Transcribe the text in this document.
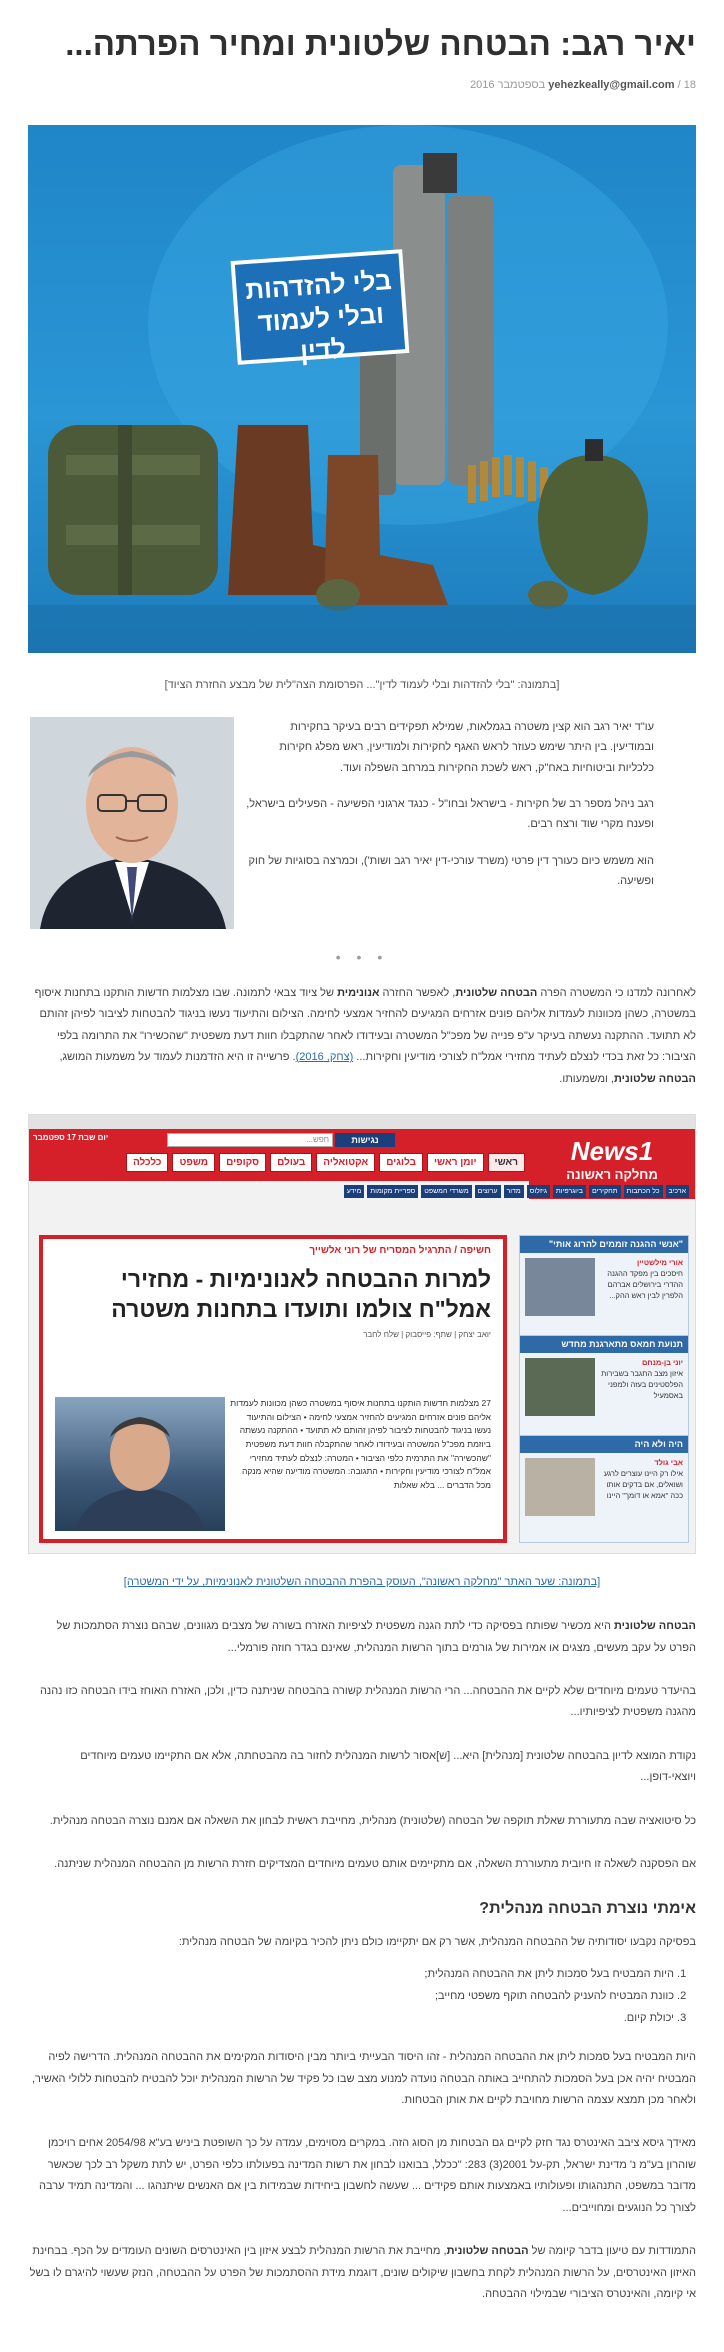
יאיר רגב: הבטחה שלטונית ומחיר הפרתה...
18 / yehezkeally@gmail.com בספטמבר 2016
בלי להזדהות
ובלי לעמוד לדין

[בתמונה: "בלי להזדהות ובלי לעמוד לדין"... הפרסומת הצה"לית של מבצע החזרת הציוד]

עו"ד יאיר רגב הוא קצין משטרה בגמלאות, שמילא תפקידים רבים בעיקר בחקירות ובמודיעין. בין היתר שימש כעוזר לראש האגף לחקירות ולמודיעין, ראש מפלג חקירות כלכליות וביטוחיות באח"ק, ראש לשכת החקירות במרחב השפלה ועוד.

רגב ניהל מספר רב של חקירות - בישראל ובחו"ל - כנגד ארגוני הפשיעה - הפעילים בישראל, ופענח מקרי שוד ורצח רבים.

הוא משמש כיום כעורך דין פרטי (משרד עורכי-דין יאיר רגב ושות'), וכמרצה בסוגיות של חוק ופשיעה.

• • •

לאחרונה למדנו כי המשטרה הפרה הבטחה שלטונית, לאפשר החזרה אנונימית של ציוד צבאי לתמונה. שבו מצלמות חדשות הותקנו בתחנות איסוף במשטרה, כשהן מכוונות לעמדות אליהם פונים אזרחים המגיעים להחזיר אמצעי לחימה. הצילום והתיעוד נעשו בניגוד להבטחות לציבור לפיהן זהותם לא תתועד. ההתקנה נעשתה בעיקר ע"פ פנייה של מפכ"ל המשטרה ובעידודו לאחר שהתקבלו חוות דעת משפטית "שהכשירו" את התרומה בלפי הציבור: כל זאת בכדי לנצלם לעתיד מחזירי אמל"ח לצורכי מודיעין וחקירות... (צחק, 2016). פרשייה זו היא הזדמנות לעמוד על משמעות המושג, הבטחה שלטונית, ומשמעותו.

News1
מחלקה ראשונה
יום שבת 17 ספטמבר	חפש...	נגישות
ראשי
יומן ראשי
בלוגים
אקטואליה
בעולם
סקופים
משפט
כלכלה
ארכיב
כל הכתבות
תחקירים
ביוגרפיות
גיזלוס
מדור
ערוצים
משרדי המשפט
ספריית מקומות
מידע
"אנשי ההגנה זוממים להרוג אותי"
אורי מילשטיין
חיסכים בין מפקד ההגנה ההדרי בירושלים אברהם הלפרין לבין ראש ההק...
תנועת חמאס מתארגנת מחדש
יוני בן-מנחם
איזון מצב התגבר בשבירות הפלסטינים בעזה ולמפני באסמעיל
היה ולא היה
אבי גולד
אילו רק היינו עוצרים לרגע ושואלים, אם בדקים אותו ככה "אמא או דומך" היינו
חשיפה / התרגיל המסריח של רוני אלשייך
למרות ההבטחה לאנונימיות - מחזירי אמל"ח צולמו ותועדו בתחנות משטרה
יואב יצחק | שתף: פייסבוק | שלח לחבר
27 מצלמות חדשות הותקנו בתחנות איסוף במשטרה כשהן מכוונות לעמדות אליהם פונים אזרחים המגיעים להחזיר אמצעי לחימה • הצילום והתיעוד נעשו בניגוד להבטחות לציבור לפיהן זהותם לא תתועד • ההתקנה נעשתה ביוזמת מפכ"ל המשטרה ובעידודו לאחר שהתקבלה חוות דעת משפטית "שהכשירה" את התרמית כלפי הציבור • המטרה: לנצלם לעתיד מחזירי אמל"ח לצורכי מודיעין וחקירות • התגובה: המשטרה מודיעה שהיא מנקה מכל הדברים ... בלא שאלות

[בתמונה: שער האתר "מחלקה ראשונה", העוסק בהפרת ההבטחה השלטונית לאנונימיות, על ידי המשטרה]

הבטחה שלטונית היא מכשיר שפותח בפסיקה כדי לתת הגנה משפטית לציפיות האזרח בשורה של מצבים מגוונים, שבהם נוצרת הסתמכות של הפרט על עקב מעשים, מצגים או אמירות של גורמים בתוך הרשות המנהלית, שאינם בגדר חוזה פורמלי...

בהיעדר טעמים מיוחדים שלא לקיים את ההבטחה... הרי הרשות המנהלית קשורה בהבטחה שניתנה כדין, ולכן, האזרח האוחז בידו הבטחה כזו נהנה מהגנה משפטית לציפיותיו...

נקודת המוצא לדיון בהבטחה שלטונית [מנהלית] היא... [ש]אסור לרשות המנהלית לחזור בה מהבטחתה, אלא אם התקיימו טעמים מיוחדים ויוצאי-דופן...

כל סיטואציה שבה מתעוררת שאלת תוקפה של הבטחה (שלטונית) מנהלית, מחייבת ראשית לבחון את השאלה אם אמנם נוצרה הבטחה מנהלית.

אם הפסקנה לשאלה זו חיובית מתעוררת השאלה, אם מתקיימים אותם טעמים מיוחדים המצדיקים חזרת הרשות מן ההבטחה המנהלית שניתנה.

אימתי נוצרת הבטחה מנהלית?

בפסיקה נקבעו יסודותיה של ההבטחה המנהלית, אשר רק אם יתקיימו כולם ניתן להכיר בקיומה של הבטחה מנהלית:

1. היות המבטיח בעל סמכות ליתן את ההבטחה המנהלית;
2. כוונת המבטיח להעניק להבטחה תוקף משפטי מחייב;
3. יכולת קיום.

היות המבטיח בעל סמכות ליתן את ההבטחה המנהלית - זהו היסוד הבעייתי ביותר מבין היסודות המקימים את ההבטחה המנהלית. הדרישה לפיה המבטיח יהיה אכן בעל הסמכות להתחייב באותה הבטחה נועדה למנוע מצב שבו כל פקיד של הרשות המנהלית יוכל להבטיח להבטחות ללולי האשיר, ולאחר מכן תמצא עצמה הרשות מחויבת לקיים את אותן הבטחות.

מאידך גיסא ציבב האינטרס נגד חזק לקיים גם הבטחות מן הסוג הזה. במקרים מסוימים, עמדה על כך השופטת ביניש בע"א 2054/98 אחים רויכמן שוהרון בע"מ נ' מדינת ישראל, תק-על 2001(3) 283: "ככלל, בבואנו לבחון את רשות המדינה בפעולתו כלפי הפרט, יש לתת משקל רב לכך שכאשר מדובר במשפט, התנהגותו ופעולותיו באמצעות אותם פקידים ... שעשה לחשבון ביחידות שבמידות בין אם האנשים שיתנהגו ... והמדינה תמיד ערבה לצורך כל הנוגעים ומחוייבים...

התמודדות עם טיעון בדבר קיומה של הבטחה שלטונית, מחייבת את הרשות המנהלית לבצע איזון בין האינטרסים השונים העומדים על הכף. בבחינת האיזון האינטרסים, על הרשות המנהלית לקחת בחשבון שיקולים שונים, דוגמת מידת ההסתמכות של הפרט על ההבטחה, הנזק שעשוי להיגרם לו בשל אי קיומה, והאינטרס הציבורי שבמילוי ההבטחה.
